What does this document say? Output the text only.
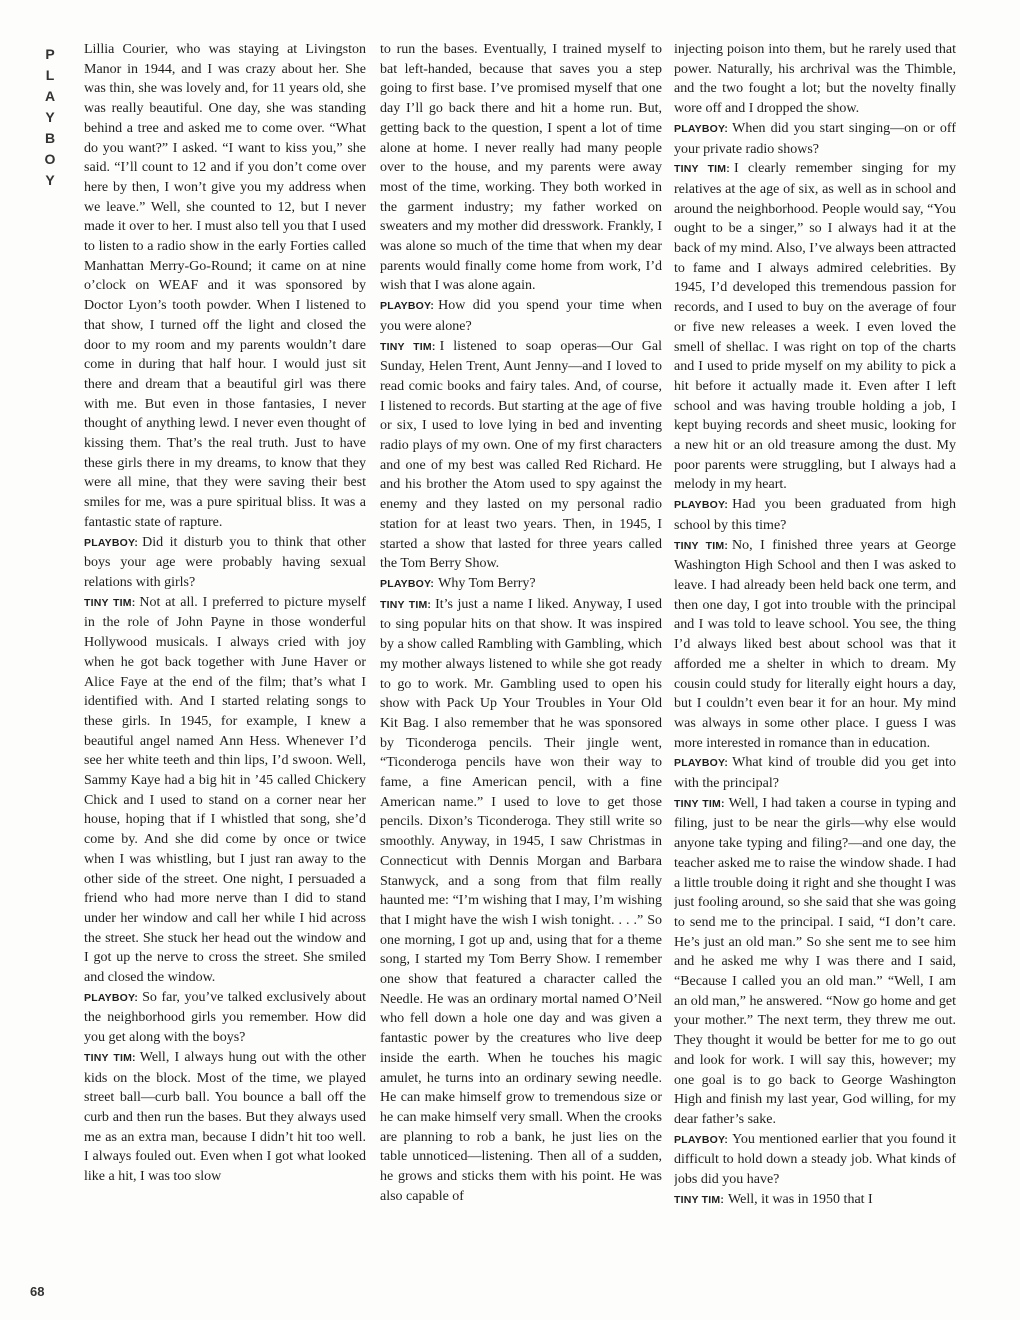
P
L
A
Y
B
O
Y
68

Lillia Courier, who was staying at Livingston Manor in 1944, and I was crazy about her. She was thin, she was lovely and, for 11 years old, she was really beautiful. One day, she was standing behind a tree and asked me to come over. “What do you want?” I asked. “I want to kiss you,” she said. “I’ll count to 12 and if you don’t come over here by then, I won’t give you my address when we leave.” Well, she counted to 12, but I never made it over to her. I must also tell you that I used to listen to a radio show in the early Forties called Manhattan Merry-Go-Round; it came on at nine o’clock on WEAF and it was sponsored by Doctor Lyon’s tooth powder. When I listened to that show, I turned off the light and closed the door to my room and my parents wouldn’t dare come in during that half hour. I would just sit there and dream that a beautiful girl was there with me. But even in those fantasies, I never thought of anything lewd. I never even thought of kissing them. That’s the real truth. Just to have these girls there in my dreams, to know that they were all mine, that they were saving their best smiles for me, was a pure spiritual bliss. It was a fantastic state of rapture.

PLAYBOY: Did it disturb you to think that other boys your age were probably having sexual relations with girls?

TINY TIM: Not at all. I preferred to picture myself in the role of John Payne in those wonderful Hollywood musicals. I always cried with joy when he got back together with June Haver or Alice Faye at the end of the film; that’s what I identified with. And I started relating songs to these girls. In 1945, for example, I knew a beautiful angel named Ann Hess. Whenever I’d see her white teeth and thin lips, I’d swoon. Well, Sammy Kaye had a big hit in ’45 called Chickery Chick and I used to stand on a corner near her house, hoping that if I whistled that song, she’d come by. And she did come by once or twice when I was whistling, but I just ran away to the other side of the street. One night, I persuaded a friend who had more nerve than I did to stand under her window and call her while I hid across the street. She stuck her head out the window and I got up the nerve to cross the street. She smiled and closed the window.

PLAYBOY: So far, you’ve talked exclusively about the neighborhood girls you remember. How did you get along with the boys?

TINY TIM: Well, I always hung out with the other kids on the block. Most of the time, we played street ball—curb ball. You bounce a ball off the curb and then run the bases. But they always used me as an extra man, because I didn’t hit too well. I always fouled out. Even when I got what looked like a hit, I was too slow

to run the bases. Eventually, I trained myself to bat left-handed, because that saves you a step going to first base. I’ve promised myself that one day I’ll go back there and hit a home run. But, getting back to the question, I spent a lot of time alone at home. I never really had many people over to the house, and my parents were away most of the time, working. They both worked in the garment industry; my father worked on sweaters and my mother did dresswork. Frankly, I was alone so much of the time that when my dear parents would finally come home from work, I’d wish that I was alone again.

PLAYBOY: How did you spend your time when you were alone?

TINY TIM: I listened to soap operas—Our Gal Sunday, Helen Trent, Aunt Jenny—and I loved to read comic books and fairy tales. And, of course, I listened to records. But starting at the age of five or six, I used to love lying in bed and inventing radio plays of my own. One of my first characters and one of my best was called Red Richard. He and his brother the Atom used to spy against the enemy and they lasted on my personal radio station for at least two years. Then, in 1945, I started a show that lasted for three years called the Tom Berry Show.

PLAYBOY: Why Tom Berry?

TINY TIM: It’s just a name I liked. Anyway, I used to sing popular hits on that show. It was inspired by a show called Rambling with Gambling, which my mother always listened to while she got ready to go to work. Mr. Gambling used to open his show with Pack Up Your Troubles in Your Old Kit Bag. I also remember that he was sponsored by Ticonderoga pencils. Their jingle went, “Ticonderoga pencils have won their way to fame, a fine American pencil, with a fine American name.” I used to love to get those pencils. Dixon’s Ticonderoga. They still write so smoothly. Anyway, in 1945, I saw Christmas in Connecticut with Dennis Morgan and Barbara Stanwyck, and a song from that film really haunted me: “I’m wishing that I may, I’m wishing that I might have the wish I wish tonight. . . .” So one morning, I got up and, using that for a theme song, I started my Tom Berry Show. I remember one show that featured a character called the Needle. He was an ordinary mortal named O’Neil who fell down a hole one day and was given a fantastic power by the creatures who live deep inside the earth. When he touches his magic amulet, he turns into an ordinary sewing needle. He can make himself grow to tremendous size or he can make himself very small. When the crooks are planning to rob a bank, he just lies on the table unnoticed—listening. Then all of a sudden, he grows and sticks them with his point. He was also capable of

injecting poison into them, but he rarely used that power. Naturally, his archrival was the Thimble, and the two fought a lot; but the novelty finally wore off and I dropped the show.

PLAYBOY: When did you start singing—on or off your private radio shows?

TINY TIM: I clearly remember singing for my relatives at the age of six, as well as in school and around the neighborhood. People would say, “You ought to be a singer,” so I always had it at the back of my mind. Also, I’ve always been attracted to fame and I always admired celebrities. By 1945, I’d developed this tremendous passion for records, and I used to buy on the average of four or five new releases a week. I even loved the smell of shellac. I was right on top of the charts and I used to pride myself on my ability to pick a hit before it actually made it. Even after I left school and was having trouble holding a job, I kept buying records and sheet music, looking for a new hit or an old treasure among the dust. My poor parents were struggling, but I always had a melody in my heart.

PLAYBOY: Had you been graduated from high school by this time?

TINY TIM: No, I finished three years at George Washington High School and then I was asked to leave. I had already been held back one term, and then one day, I got into trouble with the principal and I was told to leave school. You see, the thing I’d always liked best about school was that it afforded me a shelter in which to dream. My cousin could study for literally eight hours a day, but I couldn’t even bear it for an hour. My mind was always in some other place. I guess I was more interested in romance than in education.

PLAYBOY: What kind of trouble did you get into with the principal?

TINY TIM: Well, I had taken a course in typing and filing, just to be near the girls—why else would anyone take typing and filing?—and one day, the teacher asked me to raise the window shade. I had a little trouble doing it right and she thought I was just fooling around, so she said that she was going to send me to the principal. I said, “I don’t care. He’s just an old man.” So she sent me to see him and he asked me why I was there and I said, “Because I called you an old man.” “Well, I am an old man,” he answered. “Now go home and get your mother.” The next term, they threw me out. They thought it would be better for me to go out and look for work. I will say this, however; my one goal is to go back to George Washington High and finish my last year, God willing, for my dear father’s sake.

PLAYBOY: You mentioned earlier that you found it difficult to hold down a steady job. What kinds of jobs did you have?

TINY TIM: Well, it was in 1950 that I
